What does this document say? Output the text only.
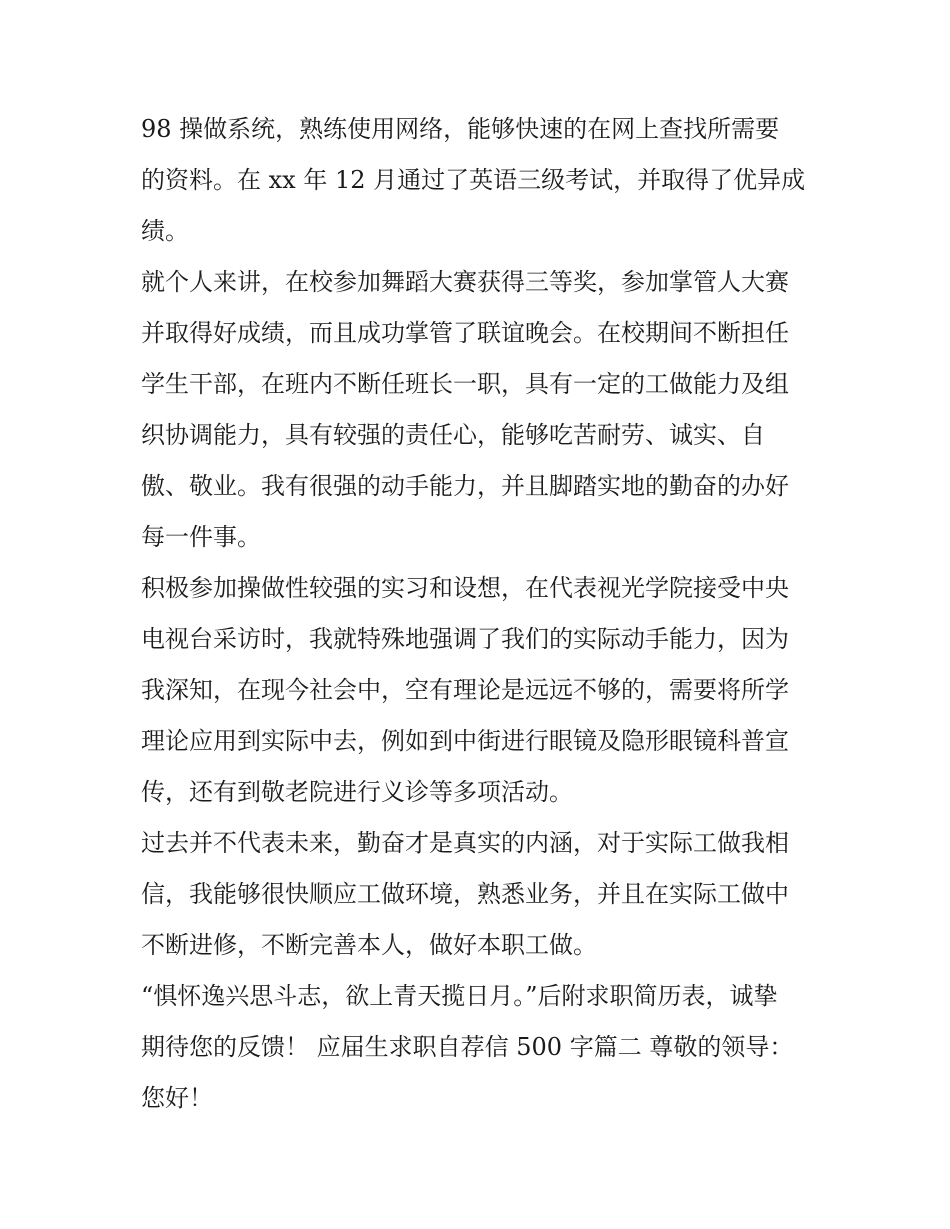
98 操做系统，熟练使用网络，能够快速的在网上查找所需要
的资料。在 xx 年 12 月通过了英语三级考试，并取得了优异成
绩。
就个人来讲，在校参加舞蹈大赛获得三等奖，参加掌管人大赛
并取得好成绩，而且成功掌管了联谊晚会。在校期间不断担任
学生干部，在班内不断任班长一职，具有一定的工做能力及组
织协调能力，具有较强的责任心，能够吃苦耐劳、诚实、自
傲、敬业。我有很强的动手能力，并且脚踏实地的勤奋的办好
每一件事。
积极参加操做性较强的实习和设想，在代表视光学院接受中央
电视台采访时，我就特殊地强调了我们的实际动手能力，因为
我深知，在现今社会中，空有理论是远远不够的，需要将所学
理论应用到实际中去，例如到中街进行眼镜及隐形眼镜科普宣
传，还有到敬老院进行义诊等多项活动。
过去并不代表未来，勤奋才是真实的内涵，对于实际工做我相
信，我能够很快顺应工做环境，熟悉业务，并且在实际工做中
不断进修，不断完善本人，做好本职工做。
“惧怀逸兴思斗志，欲上青天揽日月。”后附求职简历表，诚挚
期待您的反馈！ 应届生求职自荐信 500 字篇二 尊敬的领导：
您好！
